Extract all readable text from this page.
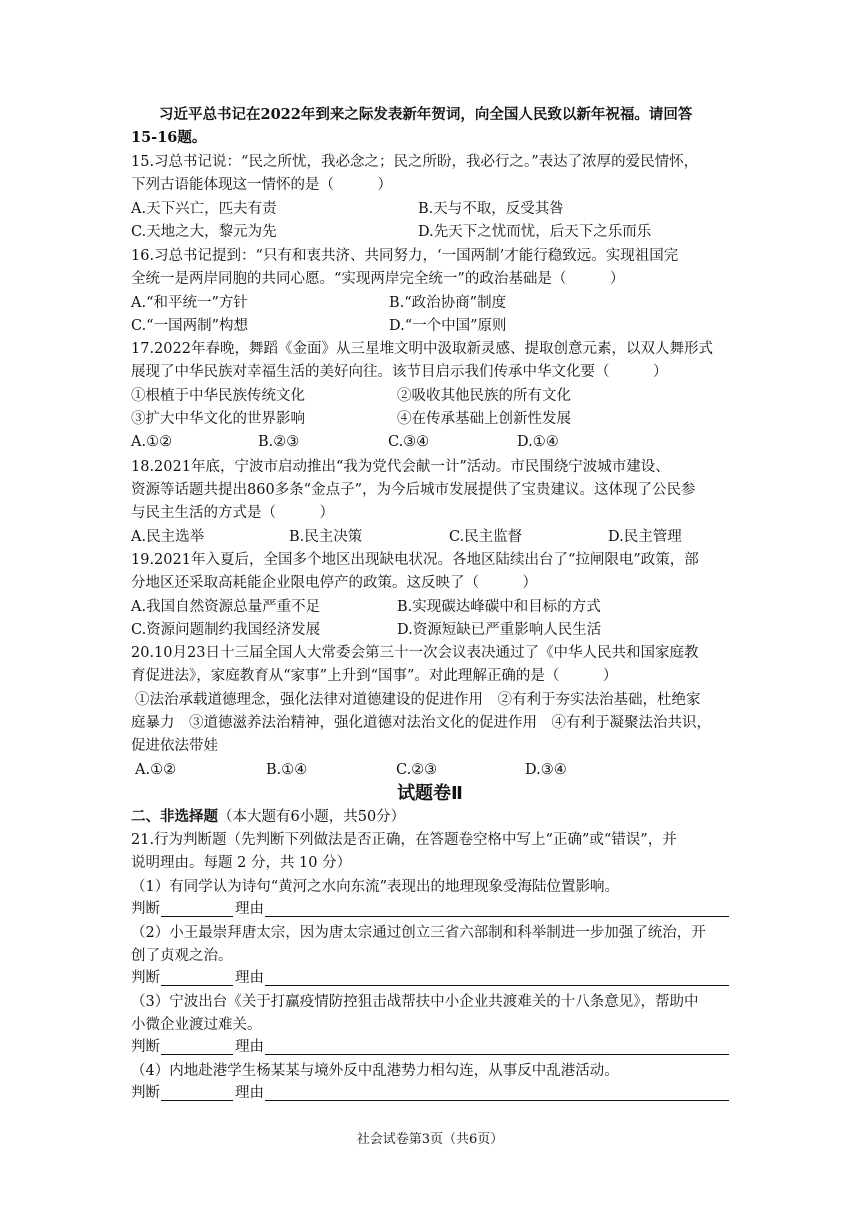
习近平总书记在2022年到来之际发表新年贺词，向全国人民致以新年祝福。请回答
15-16题。
15.习总书记说：“民之所忧，我必念之；民之所盼，我必行之。”表达了浓厚的爱民情怀，
下列古语能体现这一情怀的是（　　　）
A.天下兴亡，匹夫有责	B.天与不取，反受其咎
C.天地之大，黎元为先	D.先天下之忧而忧，后天下之乐而乐
16.习总书记提到：“只有和衷共济、共同努力，‘一国两制’才能行稳致远。实现祖国完
全统一是两岸同胞的共同心愿。“实现两岸完全统一”的政治基础是（　　　）
A.“和平统一”方针	B.“政治协商”制度
C.“一国两制”构想	D.“一个中国”原则
17.2022年春晚，舞蹈《金面》从三星堆文明中汲取新灵感、提取创意元素，以双人舞形式
展现了中华民族对幸福生活的美好向往。该节目启示我们传承中华文化要（　　　）
①根植于中华民族传统文化	②吸收其他民族的所有文化
③扩大中华文化的世界影响	④在传承基础上创新性发展
A.①②	B.②③	C.③④	D.①④
18.2021年底，宁波市启动推出“我为党代会献一计”活动。市民围绕宁波城市建设、
资源等话题共提出860多条“金点子”，为今后城市发展提供了宝贵建议。这体现了公民参
与民主生活的方式是（　　　）
A.民主选举	B.民主决策	C.民主监督	D.民主管理
19.2021年入夏后，全国多个地区出现缺电状况。各地区陆续出台了“拉闸限电”政策，部
分地区还采取高耗能企业限电停产的政策。这反映了（　　　）
A.我国自然资源总量严重不足	B.实现碳达峰碳中和目标的方式
C.资源问题制约我国经济发展	D.资源短缺已严重影响人民生活
20.10月23日十三届全国人大常委会第三十一次会议表决通过了《中华人民共和国家庭教
育促进法》，家庭教育从“家事”上升到“国事”。对此理解正确的是（　　　）
①法治承载道德理念，强化法律对道德建设的促进作用　②有利于夯实法治基础，杜绝家
庭暴力　③道德滋养法治精神，强化道德对法治文化的促进作用　④有利于凝聚法治共识，
促进依法带娃
A.①②	B.①④	C.②③	D.③④
试题卷Ⅱ
二、非选择题（本大题有6小题，共50分）
21.行为判断题（先判断下列做法是否正确，在答题卷空格中写上“正确”或“错误”，并
说明理由。每题 2 分，共 10 分）
（1）有同学认为诗句“黄河之水向东流”表现出的地理现象受海陆位置影响。
判断	理由
（2）小王最崇拜唐太宗，因为唐太宗通过创立三省六部制和科举制进一步加强了统治，开
创了贞观之治。
判断	理由
（3）宁波出台《关于打赢疫情防控狙击战帮扶中小企业共渡难关的十八条意见》，帮助中
小微企业渡过难关。
判断	理由
（4）内地赴港学生杨某某与境外反中乱港势力相勾连，从事反中乱港活动。
判断	理由
社会试卷第3页（共6页）
